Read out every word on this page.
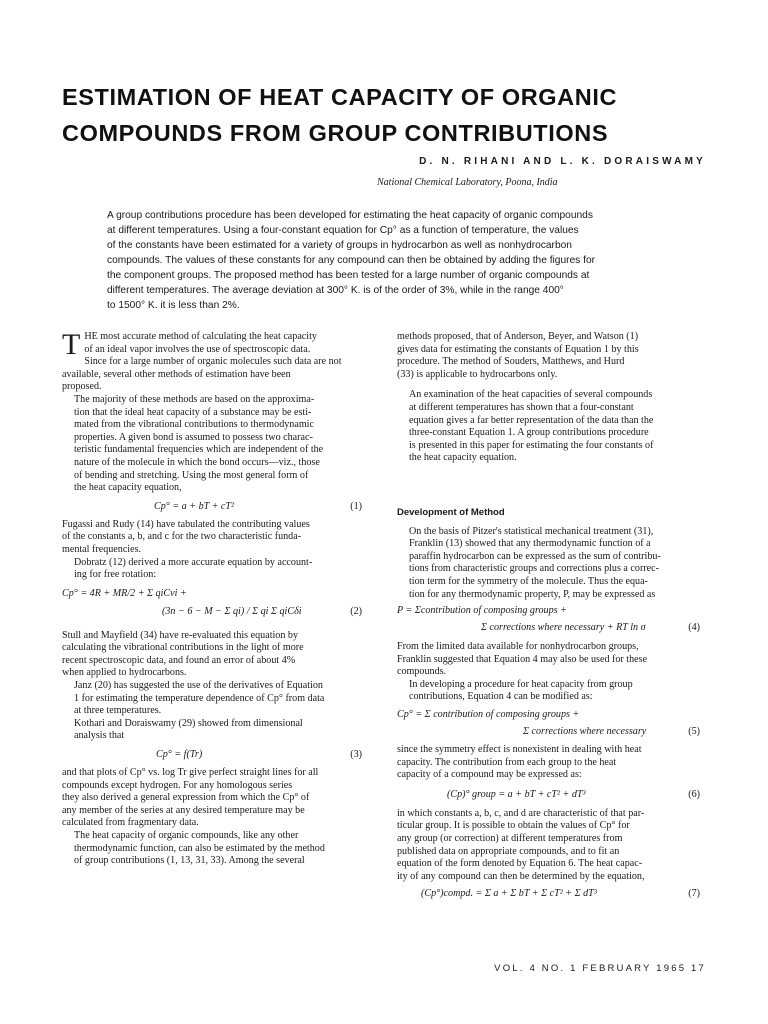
ESTIMATION OF HEAT CAPACITY OF ORGANIC
COMPOUNDS FROM GROUP CONTRIBUTIONS
D. N. RIHANI AND L. K. DORAISWAMY
National Chemical Laboratory, Poona, India
A group contributions procedure has been developed for estimating the heat capacity of organic compounds
at different temperatures. Using a four-constant equation for Cp° as a function of temperature, the values
of the constants have been estimated for a variety of groups in hydrocarbon as well as nonhydrocarbon
compounds. The values of these constants for any compound can then be obtained by adding the figures for
the component groups. The proposed method has been tested for a large number of organic compounds at
different temperatures. The average deviation at 300° K. is of the order of 3%, while in the range 400°
to 1500° K. it is less than 2%.
T HE most accurate method of calculating the heat capacity
of an ideal vapor involves the use of spectroscopic data.
Since for a large number of organic molecules such data are not
available, several other methods of estimation have been
proposed.
The majority of these methods are based on the approxima-
tion that the ideal heat capacity of a substance may be esti-
mated from the vibrational contributions to thermodynamic
properties. A given bond is assumed to possess two charac-
teristic fundamental frequencies which are independent of the
nature of the molecule in which the bond occurs—viz., those
of bending and stretching. Using the most general form of
the heat capacity equation,
Cp° = a + bT + cT²	(1)
Fugassi and Rudy (14) have tabulated the contributing values
of the constants a, b, and c for the two characteristic funda-
mental frequencies.
Dobratz (12) derived a more accurate equation by account-
ing for free rotation:
Cp° = 4R + MR/2 + Σ qiCvi +
(3n − 6 − M − Σ qi) / Σ qi Σ qiCδi	(2)
Stull and Mayfield (34) have re-evaluated this equation by
calculating the vibrational contributions in the light of more
recent spectroscopic data, and found an error of about 4%
when applied to hydrocarbons.
Janz (20) has suggested the use of the derivatives of Equation
1 for estimating the temperature dependence of Cp° from data
at three temperatures.
Kothari and Doraiswamy (29) showed from dimensional
analysis that
Cp° = f(Tr)	(3)
and that plots of Cp° vs. log Tr give perfect straight lines for all
compounds except hydrogen. For any homologous series
they also derived a general expression from which the Cp° of
any member of the series at any desired temperature may be
calculated from fragmentary data.
The heat capacity of organic compounds, like any other
thermodynamic function, can also be estimated by the method
of group contributions (1, 13, 31, 33). Among the several
methods proposed, that of Anderson, Beyer, and Watson (1)
gives data for estimating the constants of Equation 1 by this
procedure. The method of Souders, Matthews, and Hurd
(33) is applicable to hydrocarbons only.
An examination of the heat capacities of several compounds
at different temperatures has shown that a four-constant
equation gives a far better representation of the data than the
three-constant Equation 1. A group contributions procedure
is presented in this paper for estimating the four constants of
the heat capacity equation.
Development of Method
On the basis of Pitzer's statistical mechanical treatment (31),
Franklin (13) showed that any thermodynamic function of a
paraffin hydrocarbon can be expressed as the sum of contribu-
tions from characteristic groups and corrections plus a correc-
tion term for the symmetry of the molecule. Thus the equa-
tion for any thermodynamic property, P, may be expressed as
P = Σcontribution of composing groups +
Σ corrections where necessary + RT ln σ	(4)
From the limited data available for nonhydrocarbon groups,
Franklin suggested that Equation 4 may also be used for these
compounds.
In developing a procedure for heat capacity from group
contributions, Equation 4 can be modified as:
Cp° = Σ contribution of composing groups +
Σ corrections where necessary	(5)
since the symmetry effect is nonexistent in dealing with heat
capacity. The contribution from each group to the heat
capacity of a compound may be expressed as:
(Cp)° group = a + bT + cT² + dT³	(6)
in which constants a, b, c, and d are characteristic of that par-
ticular group. It is possible to obtain the values of Cp° for
any group (or correction) at different temperatures from
published data on appropriate compounds, and to fit an
equation of the form denoted by Equation 6. The heat capac-
ity of any compound can then be determined by the equation,
(Cp°)compd. = Σ a + Σ bT + Σ cT² + Σ dT³	(7)
VOL. 4 NO. 1 FEBRUARY 1965 17
